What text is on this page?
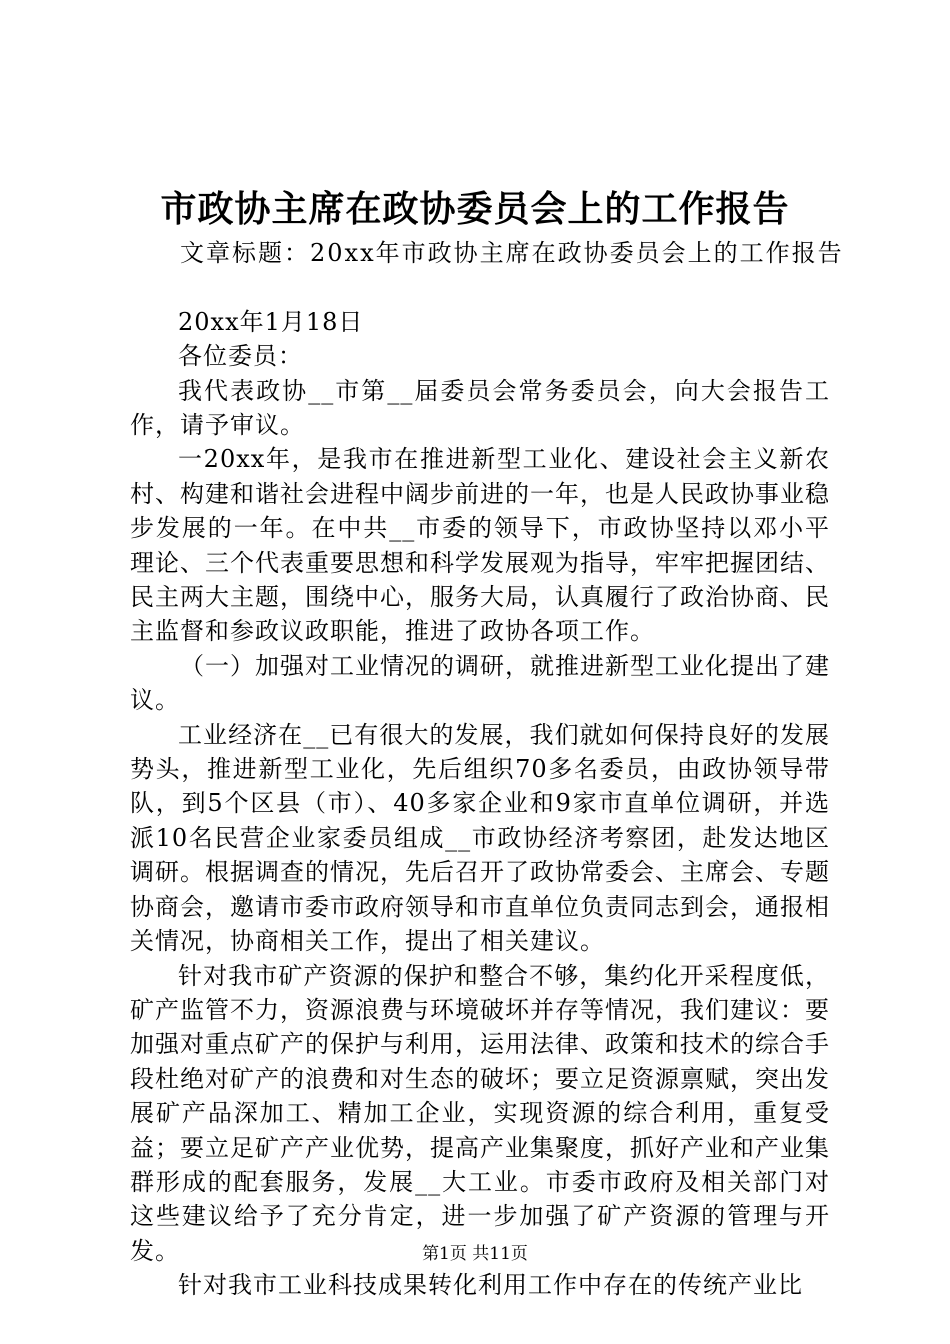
市政协主席在政协委员会上的工作报告

文章标题：20xx年市政协主席在政协委员会上的工作报告

20xx年1月18日

各位委员：

我代表政协__市第__届委员会常务委员会，向大会报告工作，请予审议。

一20xx年，是我市在推进新型工业化、建设社会主义新农村、构建和谐社会进程中阔步前进的一年，也是人民政协事业稳步发展的一年。在中共__市委的领导下，市政协坚持以邓小平理论、三个代表重要思想和科学发展观为指导，牢牢把握团结、民主两大主题，围绕中心，服务大局，认真履行了政治协商、民主监督和参政议政职能，推进了政协各项工作。

（一）加强对工业情况的调研，就推进新型工业化提出了建议。

工业经济在__已有很大的发展，我们就如何保持良好的发展势头，推进新型工业化，先后组织70多名委员，由政协领导带队，到5个区县（市）、40多家企业和9家市直单位调研，并选派10名民营企业家委员组成__市政协经济考察团，赴发达地区调研。根据调查的情况，先后召开了政协常委会、主席会、专题协商会，邀请市委市政府领导和市直单位负责同志到会，通报相关情况，协商相关工作，提出了相关建议。

针对我市矿产资源的保护和整合不够，集约化开采程度低，矿产监管不力，资源浪费与环境破坏并存等情况，我们建议：要加强对重点矿产的保护与利用，运用法律、政策和技术的综合手段杜绝对矿产的浪费和对生态的破坏；要立足资源禀赋，突出发展矿产品深加工、精加工企业，实现资源的综合利用，重复受益；要立足矿产产业优势，提高产业集聚度，抓好产业和产业集群形成的配套服务，发展__大工业。市委市政府及相关部门对这些建议给予了充分肯定，进一步加强了矿产资源的管理与开发。

针对我市工业科技成果转化利用工作中存在的传统产业比

第1页 共11页
